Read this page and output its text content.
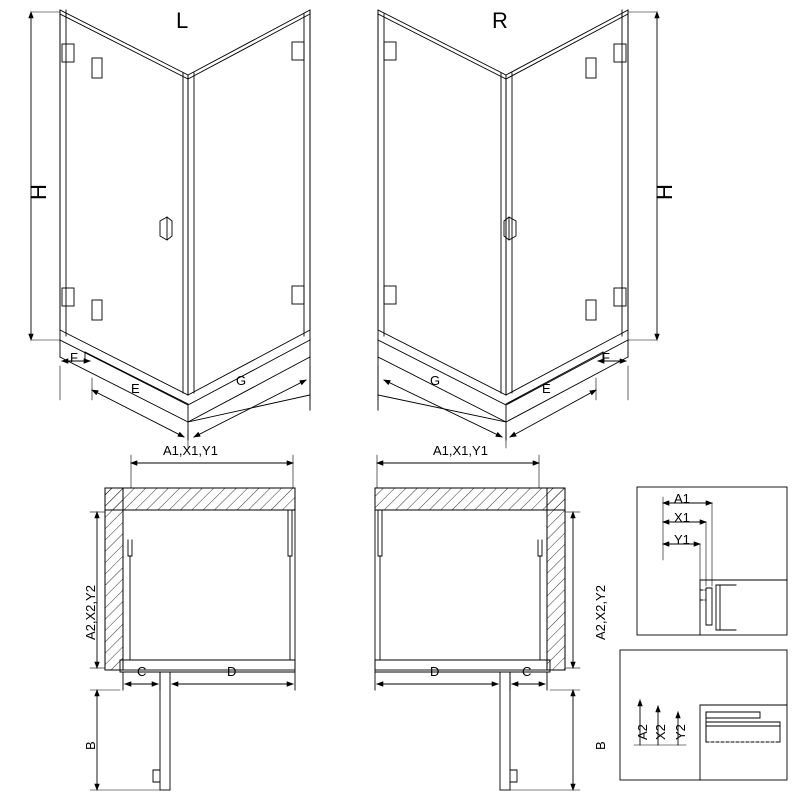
L	R
H	H
F
E
G
F
E
G
A1,X1,Y1	A1,X1,Y1
A2,X2,Y2	A2,X2,Y2
C	D	C
D
B	B
A1
X1
Y1
A2 X2 Y2
